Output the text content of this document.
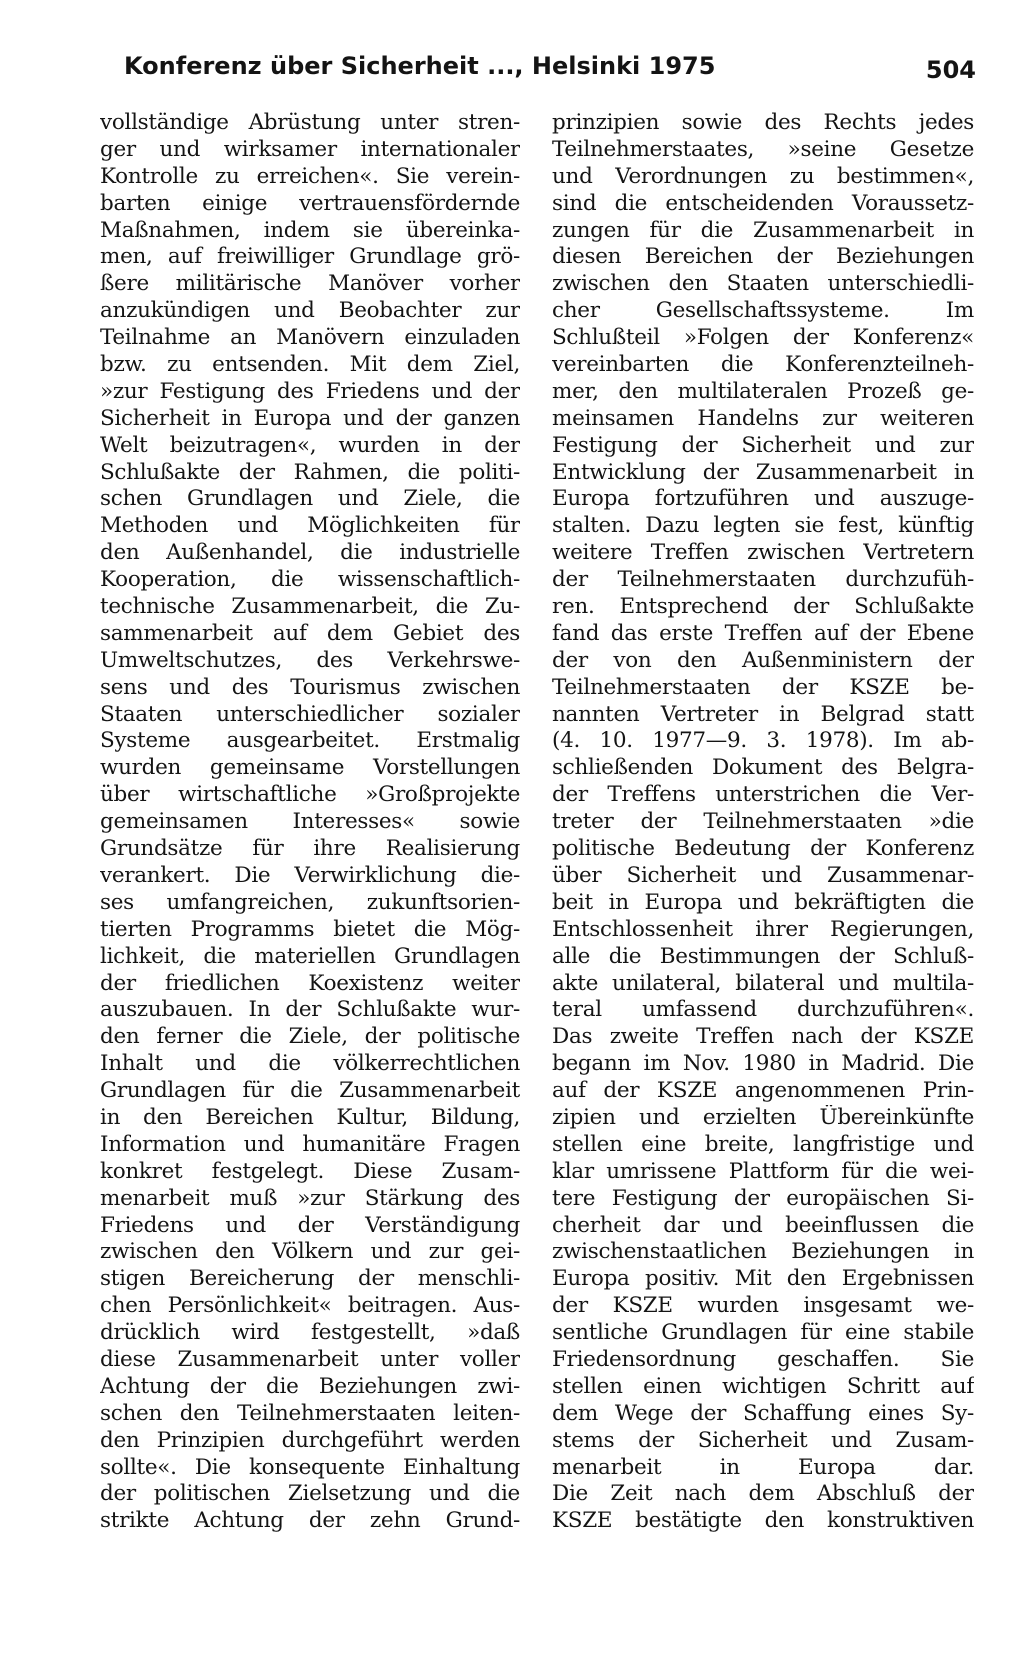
Konferenz über Sicherheit ..., Helsinki 1975	504
vollständige Abrüstung unter stren-
ger und wirksamer internationaler
Kontrolle zu erreichen«. Sie verein-
barten einige vertrauensfördernde
Maßnahmen, indem sie übereinka-
men, auf freiwilliger Grundlage grö-
ßere militärische Manöver vorher
anzukündigen und Beobachter zur
Teilnahme an Manövern einzuladen
bzw. zu entsenden. Mit dem Ziel,
»zur Festigung des Friedens und der
Sicherheit in Europa und der ganzen
Welt beizutragen«, wurden in der
Schlußakte der Rahmen, die politi-
schen Grundlagen und Ziele, die
Methoden und Möglichkeiten für
den Außenhandel, die industrielle
Kooperation, die wissenschaftlich-
technische Zusammenarbeit, die Zu-
sammenarbeit auf dem Gebiet des
Umweltschutzes, des Verkehrswe-
sens und des Tourismus zwischen
Staaten unterschiedlicher sozialer
Systeme ausgearbeitet. Erstmalig
wurden gemeinsame Vorstellungen
über wirtschaftliche »Großprojekte
gemeinsamen Interesses« sowie
Grundsätze für ihre Realisierung
verankert. Die Verwirklichung die-
ses umfangreichen, zukunftsorien-
tierten Programms bietet die Mög-
lichkeit, die materiellen Grundlagen
der friedlichen Koexistenz weiter
auszubauen. In der Schlußakte wur-
den ferner die Ziele, der politische
Inhalt und die völkerrechtlichen
Grundlagen für die Zusammenarbeit
in den Bereichen Kultur, Bildung,
Information und humanitäre Fragen
konkret festgelegt. Diese Zusam-
menarbeit muß »zur Stärkung des
Friedens und der Verständigung
zwischen den Völkern und zur gei-
stigen Bereicherung der menschli-
chen Persönlichkeit« beitragen. Aus-
drücklich wird festgestellt, »daß
diese Zusammenarbeit unter voller
Achtung der die Beziehungen zwi-
schen den Teilnehmerstaaten leiten-
den Prinzipien durchgeführt werden
sollte«. Die konsequente Einhaltung
der politischen Zielsetzung und die
strikte Achtung der zehn Grund-
prinzipien sowie des Rechts jedes
Teilnehmerstaates, »seine Gesetze
und Verordnungen zu bestimmen«,
sind die entscheidenden Voraussetz-
zungen für die Zusammenarbeit in
diesen Bereichen der Beziehungen
zwischen den Staaten unterschiedli-
cher Gesellschaftssysteme. Im
Schlußteil »Folgen der Konferenz«
vereinbarten die Konferenzteilneh-
mer, den multilateralen Prozeß ge-
meinsamen Handelns zur weiteren
Festigung der Sicherheit und zur
Entwicklung der Zusammenarbeit in
Europa fortzuführen und auszuge-
stalten. Dazu legten sie fest, künftig
weitere Treffen zwischen Vertretern
der Teilnehmerstaaten durchzufüh-
ren. Entsprechend der Schlußakte
fand das erste Treffen auf der Ebene
der von den Außenministern der
Teilnehmerstaaten der KSZE be-
nannten Vertreter in Belgrad statt
(4. 10. 1977—9. 3. 1978). Im ab-
schließenden Dokument des Belgra-
der Treffens unterstrichen die Ver-
treter der Teilnehmerstaaten »die
politische Bedeutung der Konferenz
über Sicherheit und Zusammenar-
beit in Europa und bekräftigten die
Entschlossenheit ihrer Regierungen,
alle die Bestimmungen der Schluß-
akte unilateral, bilateral und multila-
teral umfassend durchzuführen«.
Das zweite Treffen nach der KSZE
begann im Nov. 1980 in Madrid. Die
auf der KSZE angenommenen Prin-
zipien und erzielten Übereinkünfte
stellen eine breite, langfristige und
klar umrissene Plattform für die wei-
tere Festigung der europäischen Si-
cherheit dar und beeinflussen die
zwischenstaatlichen Beziehungen in
Europa positiv. Mit den Ergebnissen
der KSZE wurden insgesamt we-
sentliche Grundlagen für eine stabile
Friedensordnung geschaffen. Sie
stellen einen wichtigen Schritt auf
dem Wege der Schaffung eines Sy-
stems der Sicherheit und Zusam-
menarbeit in Europa dar.
Die Zeit nach dem Abschluß der
KSZE bestätigte den konstruktiven
